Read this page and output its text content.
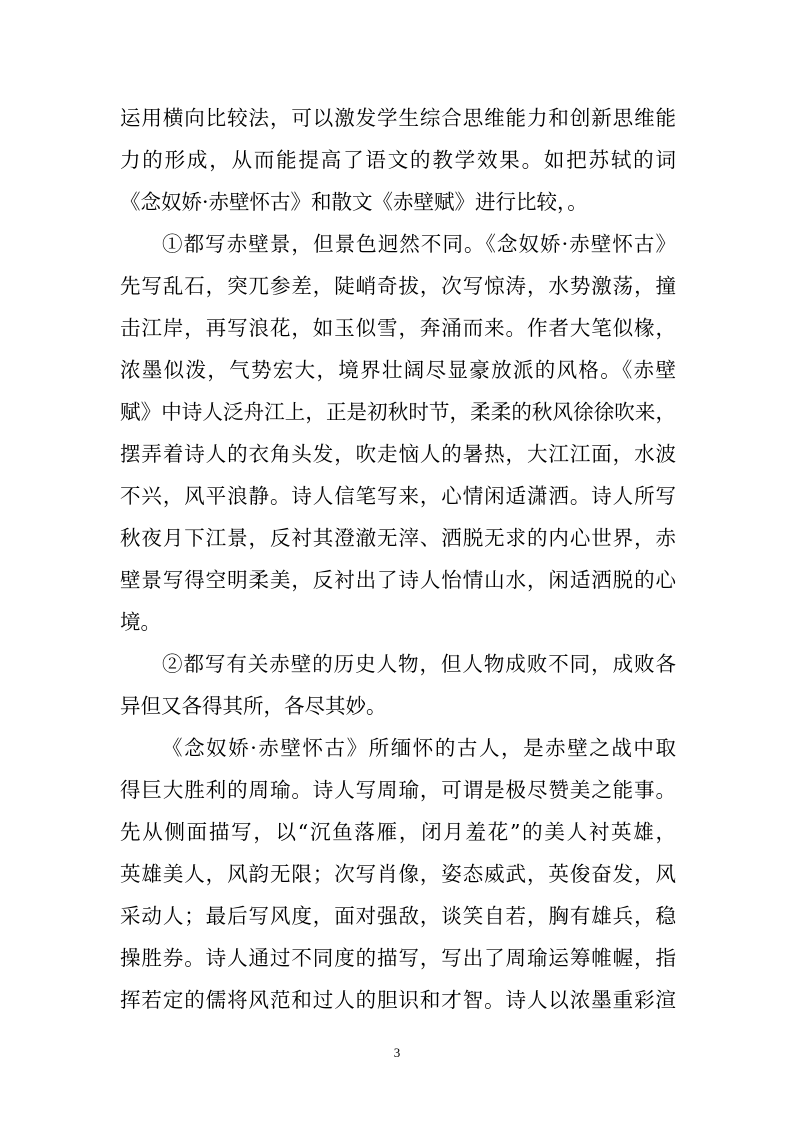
运用横向比较法，可以激发学生综合思维能力和创新思维能
力的形成，从而能提高了语文的教学效果。如把苏轼的词
《念奴娇·赤壁怀古》和散文《赤壁赋》进行比较，。
①都写赤壁景，但景色迥然不同。《念奴娇·赤壁怀古》
先写乱石，突兀参差，陡峭奇拔，次写惊涛，水势激荡，撞
击江岸，再写浪花，如玉似雪，奔涌而来。作者大笔似椽，
浓墨似泼，气势宏大，境界壮阔尽显豪放派的风格。《赤壁
赋》中诗人泛舟江上，正是初秋时节，柔柔的秋风徐徐吹来，
摆弄着诗人的衣角头发，吹走恼人的暑热，大江江面，水波
不兴，风平浪静。诗人信笔写来，心情闲适潇洒。诗人所写
秋夜月下江景，反衬其澄澈无滓、洒脱无求的内心世界，赤
壁景写得空明柔美，反衬出了诗人怡情山水，闲适洒脱的心
境。
②都写有关赤壁的历史人物，但人物成败不同，成败各
异但又各得其所，各尽其妙。
《念奴娇·赤壁怀古》所缅怀的古人，是赤壁之战中取
得巨大胜利的周瑜。诗人写周瑜，可谓是极尽赞美之能事。
先从侧面描写，以“沉鱼落雁，闭月羞花”的美人衬英雄，
英雄美人，风韵无限；次写肖像，姿态威武，英俊奋发，风
采动人；最后写风度，面对强敌，谈笑自若，胸有雄兵，稳
操胜券。诗人通过不同度的描写，写出了周瑜运筹帷幄，指
挥若定的儒将风范和过人的胆识和才智。诗人以浓墨重彩渲
3
